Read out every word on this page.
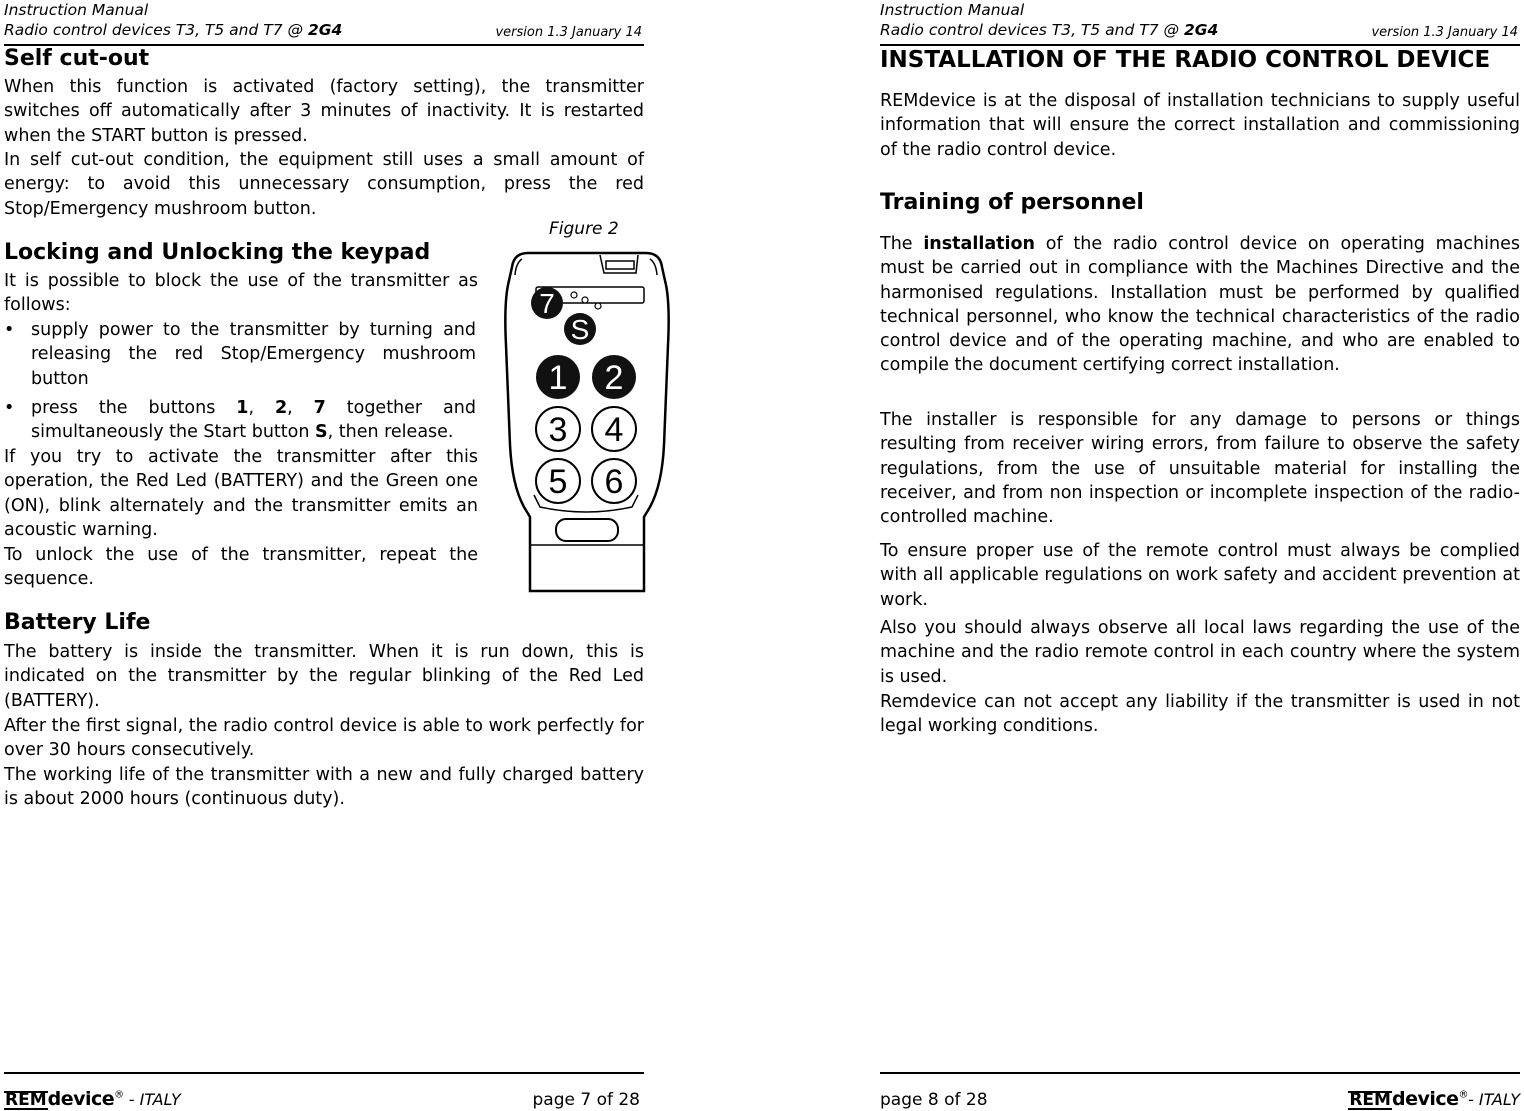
Instruction Manual
Radio control devices T3, T5 and T7 @ 2G4	version 1.3 January 14
Self cut-out

When this function is activated (factory setting), the transmitter switches off automatically after 3 minutes of inactivity. It is restarted when the START button is pressed.

In self cut-out condition, the equipment still uses a small amount of energy: to avoid this unnecessary consumption, press the red Stop/Emergency mushroom button.

Figure 2
Locking and Unlocking the keypad

It is possible to block the use of the transmitter as follows:

• supply power to the transmitter by turning and releasing the red Stop/Emergency mushroom button
• press the buttons 1, 2, 7 together and simultaneously the Start button S, then release.

If you try to activate the transmitter after this operation, the Red Led (BATTERY) and the Green one (ON), blink alternately and the transmitter emits an acoustic warning.

To unlock the use of the transmitter, repeat the sequence.

7
S
1 2
3 4
5 6
Battery Life

The battery is inside the transmitter. When it is run down, this is indicated on the transmitter by the regular blinking of the Red Led (BATTERY).

After the first signal, the radio control device is able to work perfectly for over 30 hours consecutively.

The working life of the transmitter with a new and fully charged battery is about 2000 hours (continuous duty).

REMdevice® - ITALY	page 7 of 28
Instruction Manual
Radio control devices T3, T5 and T7 @ 2G4	version 1.3 January 14
INSTALLATION OF THE RADIO CONTROL DEVICE

REMdevice is at the disposal of installation technicians to supply useful information that will ensure the correct installation and commissioning of the radio control device.

Training of personnel

The installation of the radio control device on operating machines must be carried out in compliance with the Machines Directive and the harmonised regulations. Installation must be performed by qualified technical personnel, who know the technical characteristics of the radio control device and of the operating machine, and who are enabled to compile the document certifying correct installation.

The installer is responsible for any damage to persons or things resulting from receiver wiring errors, from failure to observe the safety regulations, from the use of unsuitable material for installing the receiver, and from non inspection or incomplete inspection of the radio-controlled machine.

To ensure proper use of the remote control must always be complied with all applicable regulations on work safety and accident prevention at work.

Also you should always observe all local laws regarding the use of the machine and the radio remote control in each country where the system is used.

Remdevice can not accept any liability if the transmitter is used in not legal working conditions.

page 8 of 28	REMdevice®- ITALY
